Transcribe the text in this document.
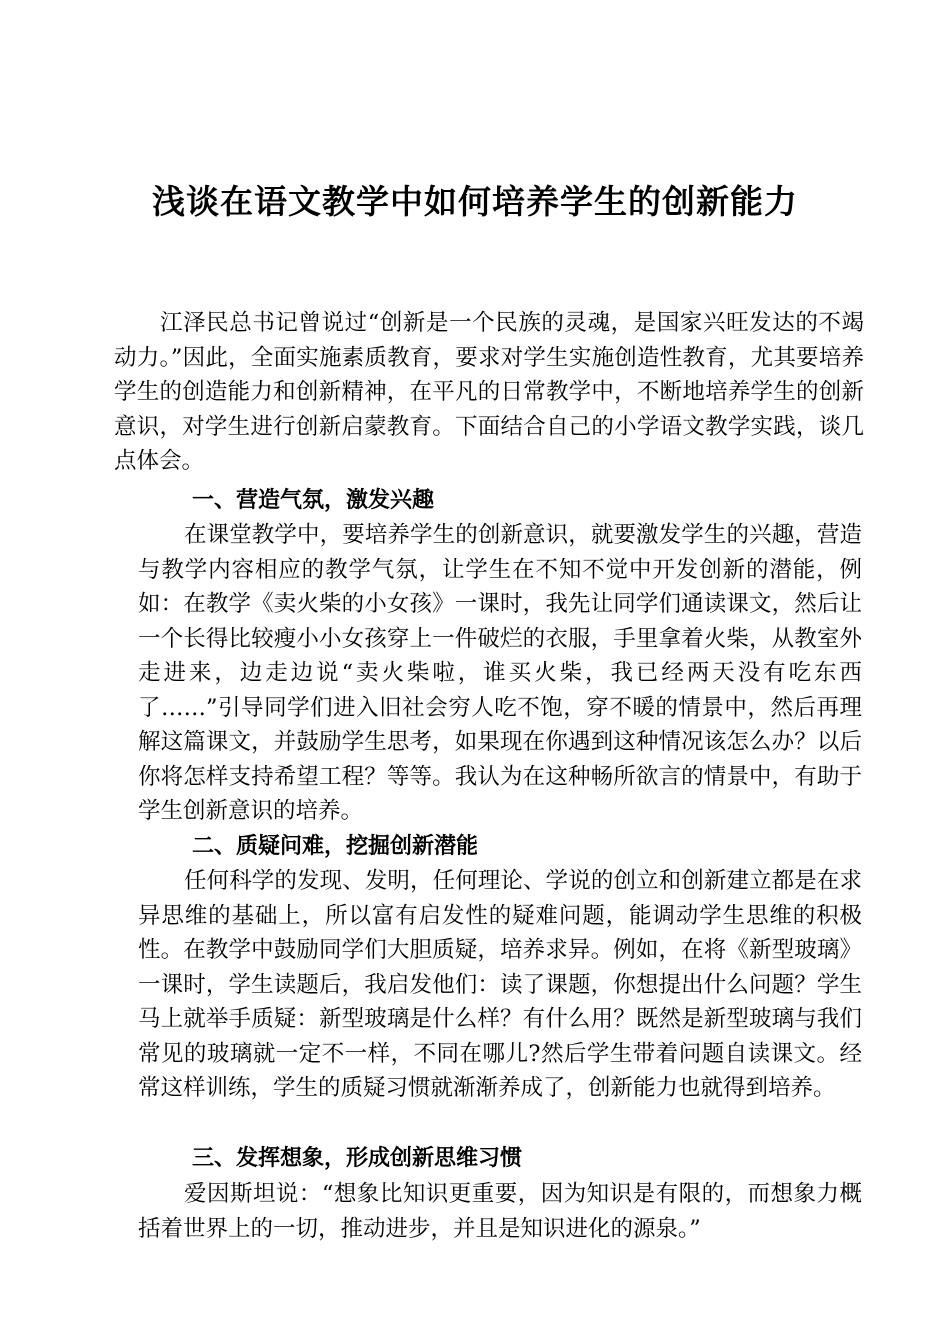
浅谈在语文教学中如何培养学生的创新能力

江泽民总书记曾说过“创新是一个民族的灵魂，是国家兴旺发达的不竭动力。”因此，全面实施素质教育，要求对学生实施创造性教育，尤其要培养学生的创造能力和创新精神，在平凡的日常教学中，不断地培养学生的创新意识，对学生进行创新启蒙教育。下面结合自己的小学语文教学实践，谈几点体会。

一、营造气氛，激发兴趣

在课堂教学中，要培养学生的创新意识，就要激发学生的兴趣，营造与教学内容相应的教学气氛，让学生在不知不觉中开发创新的潜能，例如：在教学《卖火柴的小女孩》一课时，我先让同学们通读课文，然后让一个长得比较瘦小小女孩穿上一件破烂的衣服，手里拿着火柴，从教室外走进来，边走边说“卖火柴啦，谁买火柴，我已经两天没有吃东西了……”引导同学们进入旧社会穷人吃不饱，穿不暖的情景中，然后再理解这篇课文，并鼓励学生思考，如果现在你遇到这种情况该怎么办？以后你将怎样支持希望工程？等等。我认为在这种畅所欲言的情景中，有助于学生创新意识的培养。

二、质疑问难，挖掘创新潜能

任何科学的发现、发明，任何理论、学说的创立和创新建立都是在求异思维的基础上，所以富有启发性的疑难问题，能调动学生思维的积极性。在教学中鼓励同学们大胆质疑，培养求异。例如，在将《新型玻璃》一课时，学生读题后，我启发他们：读了课题，你想提出什么问题？学生马上就举手质疑：新型玻璃是什么样？有什么用？既然是新型玻璃与我们常见的玻璃就一定不一样，不同在哪儿?然后学生带着问题自读课文。经常这样训练，学生的质疑习惯就渐渐养成了，创新能力也就得到培养。

三、发挥想象，形成创新思维习惯

爱因斯坦说：“想象比知识更重要，因为知识是有限的，而想象力概括着世界上的一切，推动进步，并且是知识进化的源泉。”
